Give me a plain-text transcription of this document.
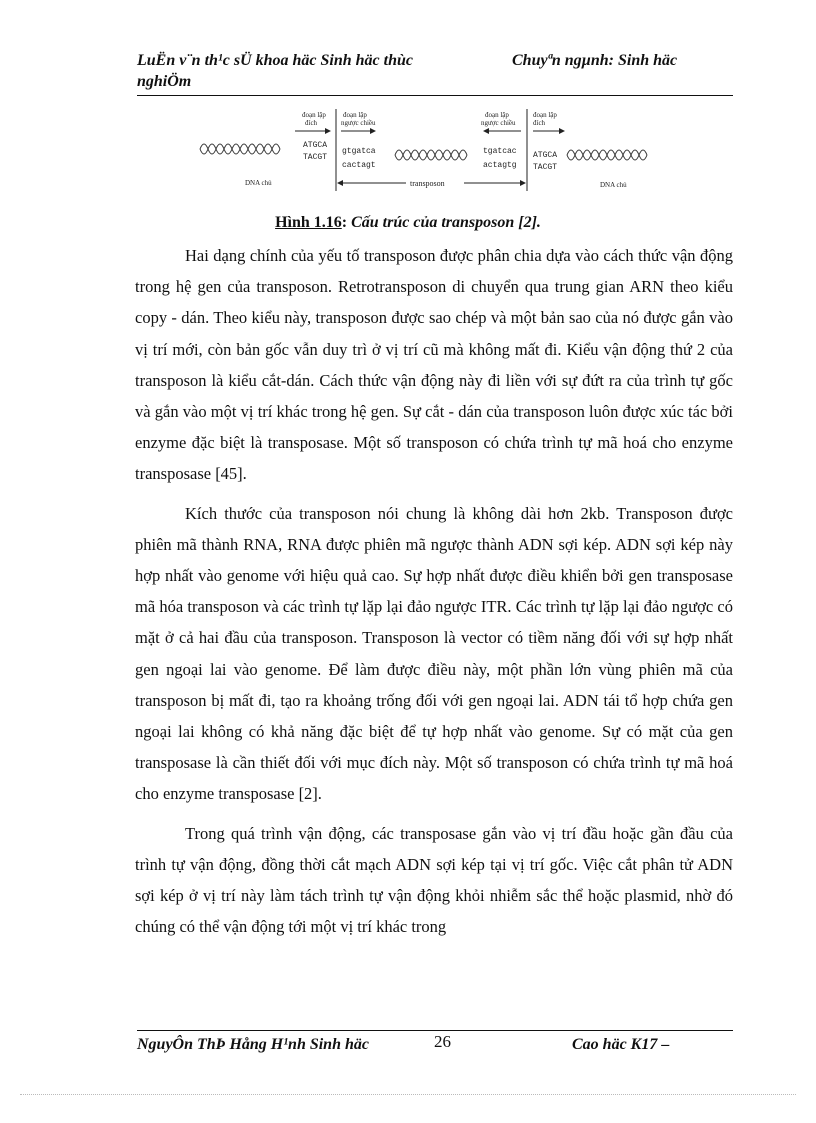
LuËn v¨n th¹c sÜ khoa häc Sinh häc thùc nghiÖm
Chuyªn ngµnh: Sinh häc
DNA chủ
đoạn lặp
đích
ATGCA
TACGT
đoạn lặp
ngược chiều
gtgatca
cactagt
đoạn lặp
ngược chiều
tgatcac
actagtg
đoạn lặp
đích
ATGCA
TACGT
DNA chủ
transposon
Hình 1.16: Cấu trúc của transposon [2].

Hai dạng chính của yếu tố transposon được phân chia dựa vào cách thức vận động trong hệ gen của transposon. Retrotransposon di chuyển qua trung gian ARN theo kiểu copy - dán. Theo kiểu này, transposon được sao chép và một bản sao của nó được gắn vào vị trí mới, còn bản gốc vẫn duy trì ở vị trí cũ mà không mất đi. Kiểu vận động thứ 2 của transposon là kiểu cắt-dán. Cách thức vận động này đi liền với sự đứt ra của trình tự gốc và gắn vào một vị trí khác trong hệ gen. Sự cắt - dán của transposon luôn được xúc tác bởi enzyme đặc biệt là transposase. Một số transposon có chứa trình tự mã hoá cho enzyme transposase [45].

Kích thước của transposon nói chung là không dài hơn 2kb. Transposon được phiên mã thành RNA, RNA được phiên mã ngược thành ADN sợi kép. ADN sợi kép này hợp nhất vào genome với hiệu quả cao. Sự hợp nhất được điều khiển bởi gen transposase mã hóa transposon và các trình tự lặp lại đảo ngược ITR. Các trình tự lặp lại đảo ngược có mặt ở cả hai đầu của transposon. Transposon là vector có tiềm năng đối với sự hợp nhất gen ngoại lai vào genome. Để làm được điều này, một phần lớn vùng phiên mã của transposon bị mất đi, tạo ra khoảng trống đối với gen ngoại lai. ADN tái tổ hợp chứa gen ngoại lai không có khả năng đặc biệt để tự hợp nhất vào genome. Sự có mặt của gen transposase là cần thiết đối với mục đích này. Một số transposon có chứa trình tự mã hoá cho enzyme transposase [2].

Trong quá trình vận động, các transposase gắn vào vị trí đầu hoặc gần đầu của trình tự vận động, đồng thời cắt mạch ADN sợi kép tại vị trí gốc. Việc cắt phân tử ADN sợi kép ở vị trí này làm tách trình tự vận động khỏi nhiễm sắc thể hoặc plasmid, nhờ đó chúng có thể vận động tới một vị trí khác trong

NguyÔn ThÞ Hång H¹nh Sinh häc	26	Cao häc K17 –
